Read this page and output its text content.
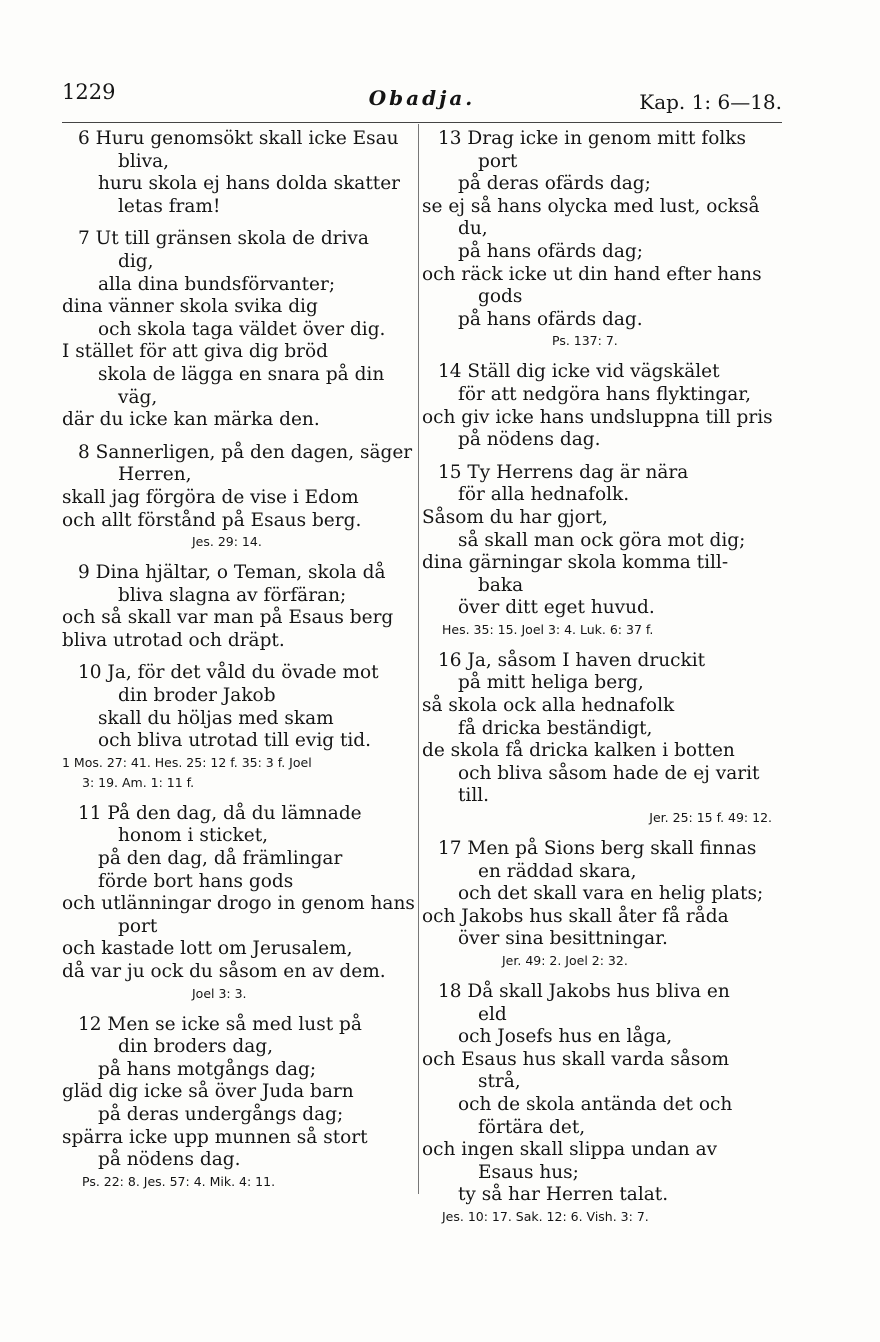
1229	Obadja.	Kap. 1: 6—18.
6 Huru genomsökt skall icke Esau
bliva,
huru skola ej hans dolda skatter
letas fram!
7 Ut till gränsen skola de driva
dig,
alla dina bundsförvanter;
dina vänner skola svika dig
och skola taga väldet över dig.
I stället för att giva dig bröd
skola de lägga en snara på din
väg,
där du icke kan märka den.
8 Sannerligen, på den dagen, säger
Herren,
skall jag förgöra de vise i Edom
och allt förstånd på Esaus berg.
Jes. 29: 14.
9 Dina hjältar, o Teman, skola då
bliva slagna av förfäran;
och så skall var man på Esaus berg
bliva utrotad och dräpt.
10 Ja, för det våld du övade mot
din broder Jakob
skall du höljas med skam
och bliva utrotad till evig tid.
1 Mos. 27: 41. Hes. 25: 12 f. 35: 3 f. Joel
3: 19. Am. 1: 11 f.
11 På den dag, då du lämnade
honom i sticket,
på den dag, då främlingar
förde bort hans gods
och utlänningar drogo in genom hans
port
och kastade lott om Jerusalem,
då var ju ock du såsom en av dem.
Joel 3: 3.
12 Men se icke så med lust på
din broders dag,
på hans motgångs dag;
gläd dig icke så över Juda barn
på deras undergångs dag;
spärra icke upp munnen så stort
på nödens dag.
Ps. 22: 8. Jes. 57: 4. Mik. 4: 11.
13 Drag icke in genom mitt folks
port
på deras ofärds dag;
se ej så hans olycka med lust, också
du,
på hans ofärds dag;
och räck icke ut din hand efter hans
gods
på hans ofärds dag.
Ps. 137: 7.
14 Ställ dig icke vid vägskälet
för att nedgöra hans flyktingar,
och giv icke hans undsluppna till pris
på nödens dag.
15 Ty Herrens dag är nära
för alla hednafolk.
Såsom du har gjort,
så skall man ock göra mot dig;
dina gärningar skola komma till-
baka
över ditt eget huvud.
Hes. 35: 15. Joel 3: 4. Luk. 6: 37 f.
16 Ja, såsom I haven druckit
på mitt heliga berg,
så skola ock alla hednafolk
få dricka beständigt,
de skola få dricka kalken i botten
och bliva såsom hade de ej varit
till.
Jer. 25: 15 f. 49: 12.
17 Men på Sions berg skall finnas
en räddad skara,
och det skall vara en helig plats;
och Jakobs hus skall åter få råda
över sina besittningar.
Jer. 49: 2. Joel 2: 32.
18 Då skall Jakobs hus bliva en
eld
och Josefs hus en låga,
och Esaus hus skall varda såsom
strå,
och de skola antända det och
förtära det,
och ingen skall slippa undan av
Esaus hus;
ty så har Herren talat.
Jes. 10: 17. Sak. 12: 6. Vish. 3: 7.
